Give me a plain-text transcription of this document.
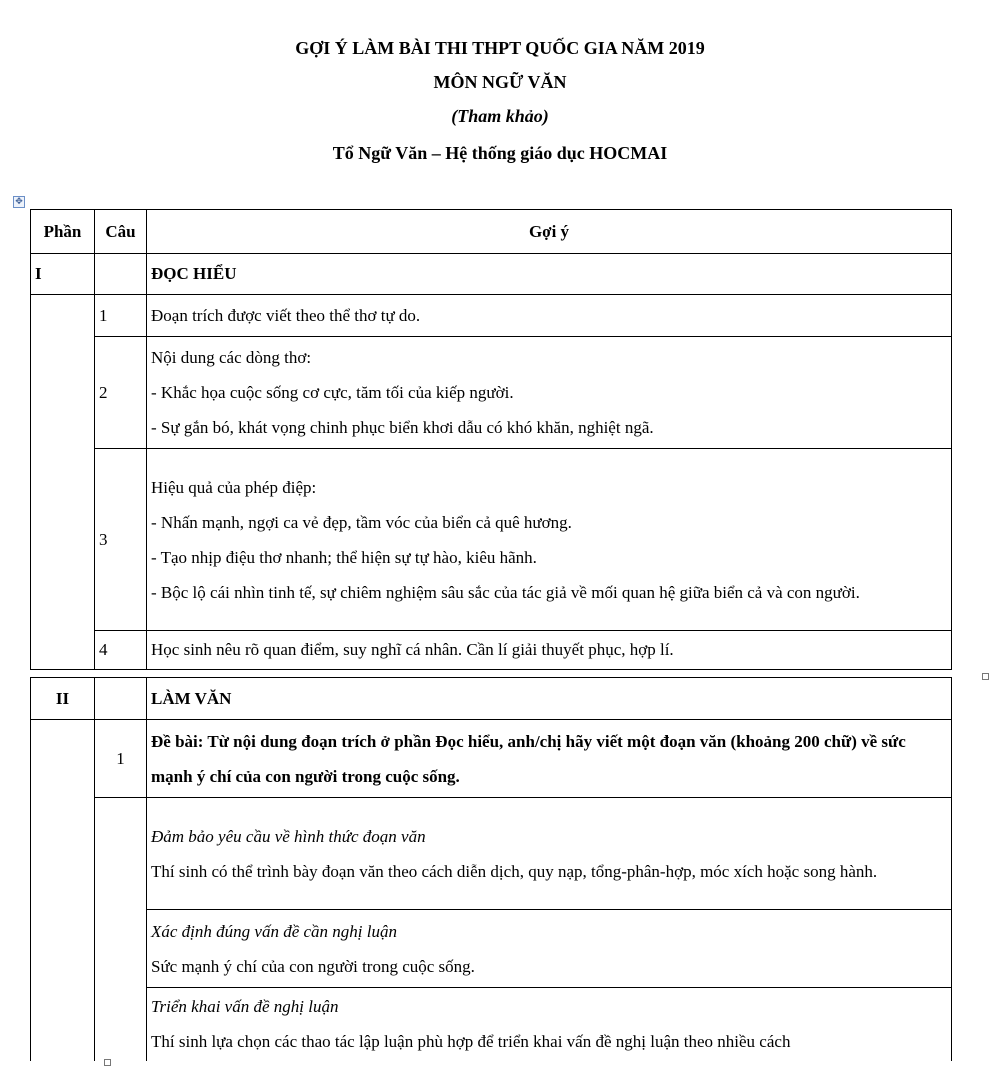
GỢI Ý LÀM BÀI THI THPT QUỐC GIA NĂM 2019
MÔN NGỮ VĂN
(Tham khảo)
Tổ Ngữ Văn – Hệ thống giáo dục HOCMAI
✥
Phần	Câu	Gợi ý
I		ĐỌC HIỂU
	1	Đoạn trích được viết theo thể thơ tự do.

	2	Nội dung các dòng thơ:
- Khắc họa cuộc sống cơ cực, tăm tối của kiếp người.
- Sự gắn bó, khát vọng chinh phục biển khơi dẫu có khó khăn, nghiệt ngã.

	3	Hiệu quả của phép điệp:
- Nhấn mạnh, ngợi ca vẻ đẹp, tầm vóc của biển cả quê hương.
- Tạo nhịp điệu thơ nhanh; thể hiện sự tự hào, kiêu hãnh.
- Bộc lộ cái nhìn tinh tế, sự chiêm nghiệm sâu sắc của tác giả về mối quan hệ giữa biển cả và con người.

	4	Học sinh nêu rõ quan điểm, suy nghĩ cá nhân. Cần lí giải thuyết phục, hợp lí.
II		LÀM VĂN
	1	Đề bài: Từ nội dung đoạn trích ở phần Đọc hiểu, anh/chị hãy viết một đoạn văn (khoảng 200 chữ) về sức mạnh ý chí của con người trong cuộc sống.

		Đảm bảo yêu cầu về hình thức đoạn văn
Thí sinh có thể trình bày đoạn văn theo cách diễn dịch, quy nạp, tổng-phân-hợp, móc xích hoặc song hành.

		Xác định đúng vấn đề cần nghị luận
Sức mạnh ý chí của con người trong cuộc sống.

		Triển khai vấn đề nghị luận
Thí sinh lựa chọn các thao tác lập luận phù hợp để triển khai vấn đề nghị luận theo nhiều cách
